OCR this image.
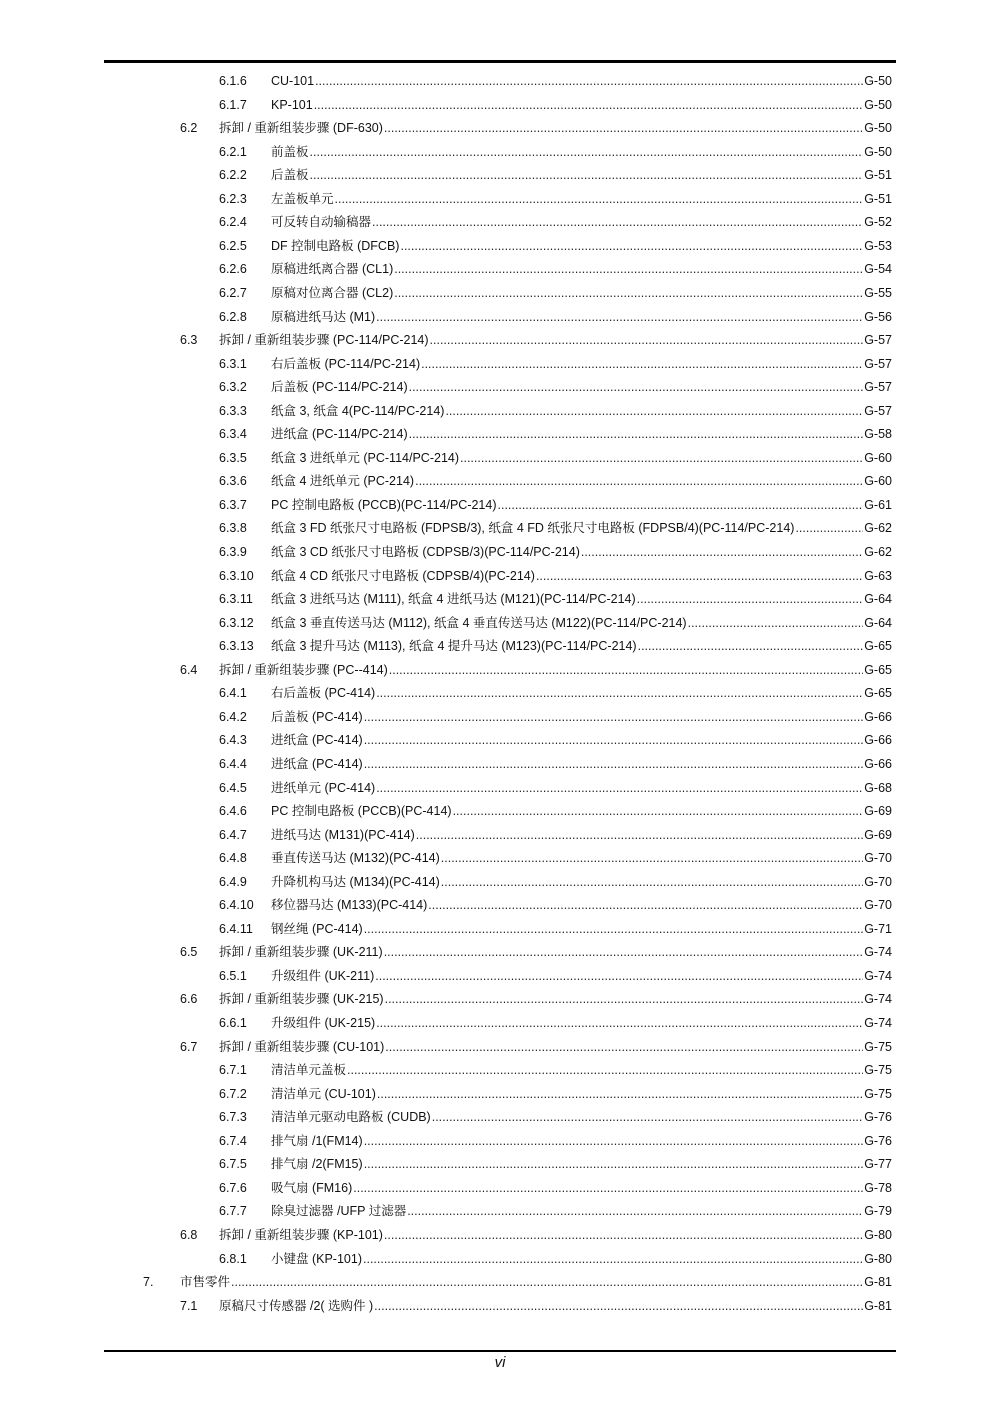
6.1.6 CU-101 .....	G-50
6.1.7 KP-101 .....	G-50
6.2 拆卸 / 重新组装步骤 (DF-630) .....	G-50
6.2.1 前盖板 .....	G-50
6.2.2 后盖板 .....	G-51
6.2.3 左盖板单元 .....	G-51
6.2.4 可反转自动输稿器 .....	G-52
6.2.5 DF 控制电路板 (DFCB) .....	G-53
6.2.6 原稿进纸离合器 (CL1) .....	G-54
6.2.7 原稿对位离合器 (CL2) .....	G-55
6.2.8 原稿进纸马达 (M1) .....	G-56
6.3 拆卸 / 重新组装步骤 (PC-114/PC-214) .....	G-57
6.3.1 右后盖板 (PC-114/PC-214) .....	G-57
6.3.2 后盖板 (PC-114/PC-214) .....	G-57
6.3.3 纸盒 3, 纸盒 4(PC-114/PC-214) .....	G-57
6.3.4 进纸盒 (PC-114/PC-214) .....	G-58
6.3.5 纸盒 3 进纸单元 (PC-114/PC-214) .....	G-60
6.3.6 纸盒 4 进纸单元 (PC-214) .....	G-60
6.3.7 PC 控制电路板 (PCCB)(PC-114/PC-214) .....	G-61
6.3.8 纸盒 3 FD 纸张尺寸电路板 (FDPSB/3), 纸盒 4 FD 纸张尺寸电路板 (FDPSB/4)(PC-114/PC-214) .....	G-62
6.3.9 纸盒 3 CD 纸张尺寸电路板 (CDPSB/3)(PC-114/PC-214) .....	G-62
6.3.10 纸盒 4 CD 纸张尺寸电路板 (CDPSB/4)(PC-214) .....	G-63
6.3.11 纸盒 3 进纸马达 (M111), 纸盒 4 进纸马达 (M121)(PC-114/PC-214) .....	G-64
6.3.12 纸盒 3 垂直传送马达 (M112), 纸盒 4 垂直传送马达 (M122)(PC-114/PC-214) .....	G-64
6.3.13 纸盒 3 提升马达 (M113), 纸盒 4 提升马达 (M123)(PC-114/PC-214) .....	G-65
6.4 拆卸 / 重新组装步骤 (PC--414) .....	G-65
6.4.1 右后盖板 (PC-414) .....	G-65
6.4.2 后盖板 (PC-414) .....	G-66
6.4.3 进纸盒 (PC-414) .....	G-66
6.4.4 进纸盒 (PC-414) .....	G-66
6.4.5 进纸单元 (PC-414) .....	G-68
6.4.6 PC 控制电路板 (PCCB)(PC-414) .....	G-69
6.4.7 进纸马达 (M131)(PC-414) .....	G-69
6.4.8 垂直传送马达 (M132)(PC-414) .....	G-70
6.4.9 升降机构马达 (M134)(PC-414) .....	G-70
6.4.10 移位器马达 (M133)(PC-414) .....	G-70
6.4.11 钢丝绳 (PC-414) .....	G-71
6.5 拆卸 / 重新组装步骤 (UK-211) .....	G-74
6.5.1 升级组件 (UK-211) .....	G-74
6.6 拆卸 / 重新组装步骤 (UK-215) .....	G-74
6.6.1 升级组件 (UK-215) .....	G-74
6.7 拆卸 / 重新组装步骤 (CU-101) .....	G-75
6.7.1 清洁单元盖板 .....	G-75
6.7.2 清洁单元 (CU-101) .....	G-75
6.7.3 清洁单元驱动电路板 (CUDB) .....	G-76
6.7.4 排气扇 /1(FM14) .....	G-76
6.7.5 排气扇 /2(FM15) .....	G-77
6.7.6 吸气扇 (FM16) .....	G-78
6.7.7 除臭过滤器 /UFP 过滤器 .....	G-79
6.8 拆卸 / 重新组装步骤 (KP-101) .....	G-80
6.8.1 小键盘 (KP-101) .....	G-80
7. 市售零件 .....	G-81
7.1 原稿尺寸传感器 /2( 选购件 ) .....	G-81
vi
